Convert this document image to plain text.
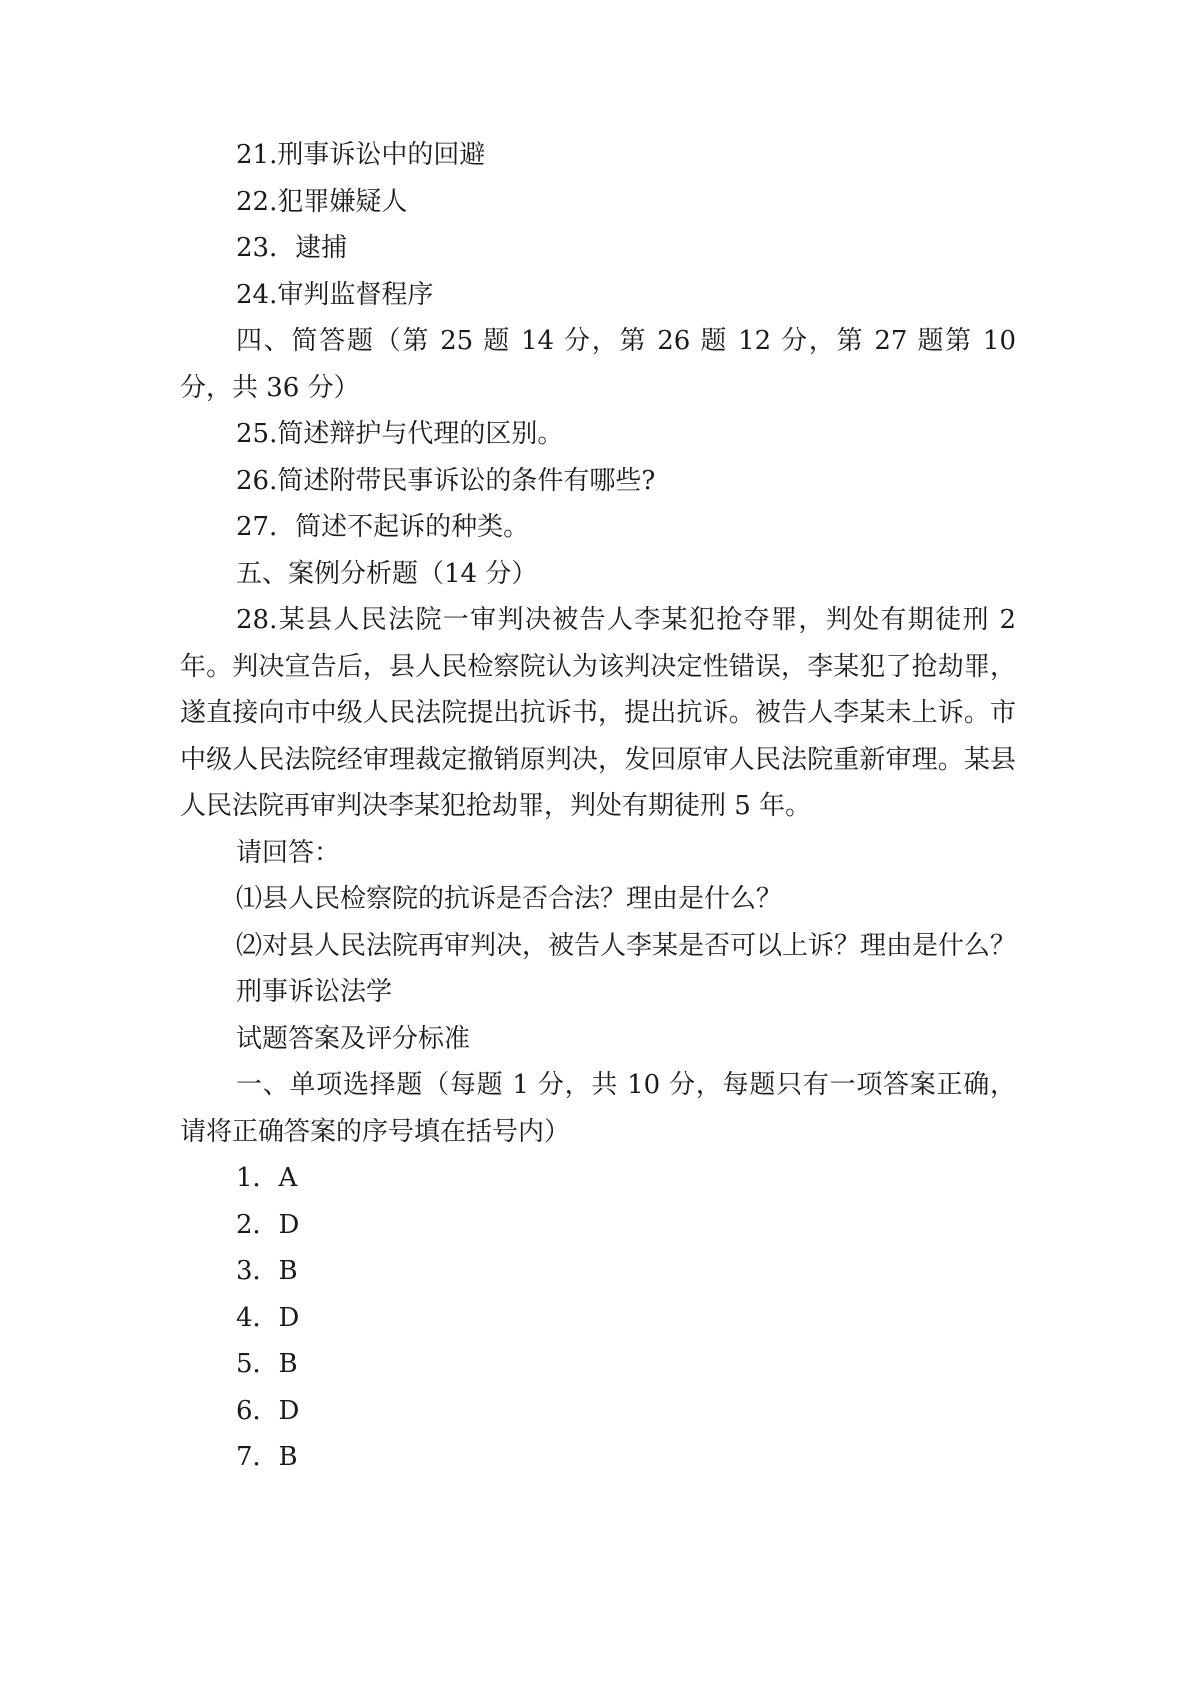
21.刑事诉讼中的回避

22.犯罪嫌疑人

23．逮捕

24.审判监督程序

四、简答题（第 25 题 14 分，第 26 题 12 分，第 27 题第 10 分，共 36 分）

25.简述辩护与代理的区别。

26.简述附带民事诉讼的条件有哪些?

27．简述不起诉的种类。

五、案例分析题（14 分）

28.某县人民法院一审判决被告人李某犯抢夺罪，判处有期徒刑 2 年。判决宣告后，县人民检察院认为该判决定性错误，李某犯了抢劫罪，遂直接向市中级人民法院提出抗诉书，提出抗诉。被告人李某未上诉。市中级人民法院经审理裁定撤销原判决，发回原审人民法院重新审理。某县人民法院再审判决李某犯抢劫罪，判处有期徒刑 5 年。

请回答：

⑴县人民检察院的抗诉是否合法？理由是什么？

⑵对县人民法院再审判决，被告人李某是否可以上诉？理由是什么？

刑事诉讼法学

试题答案及评分标准

一、单项选择题（每题 1 分，共 10 分，每题只有一项答案正确，请将正确答案的序号填在括号内）

1．A

2．D

3．B

4．D

5．B

6．D

7．B
